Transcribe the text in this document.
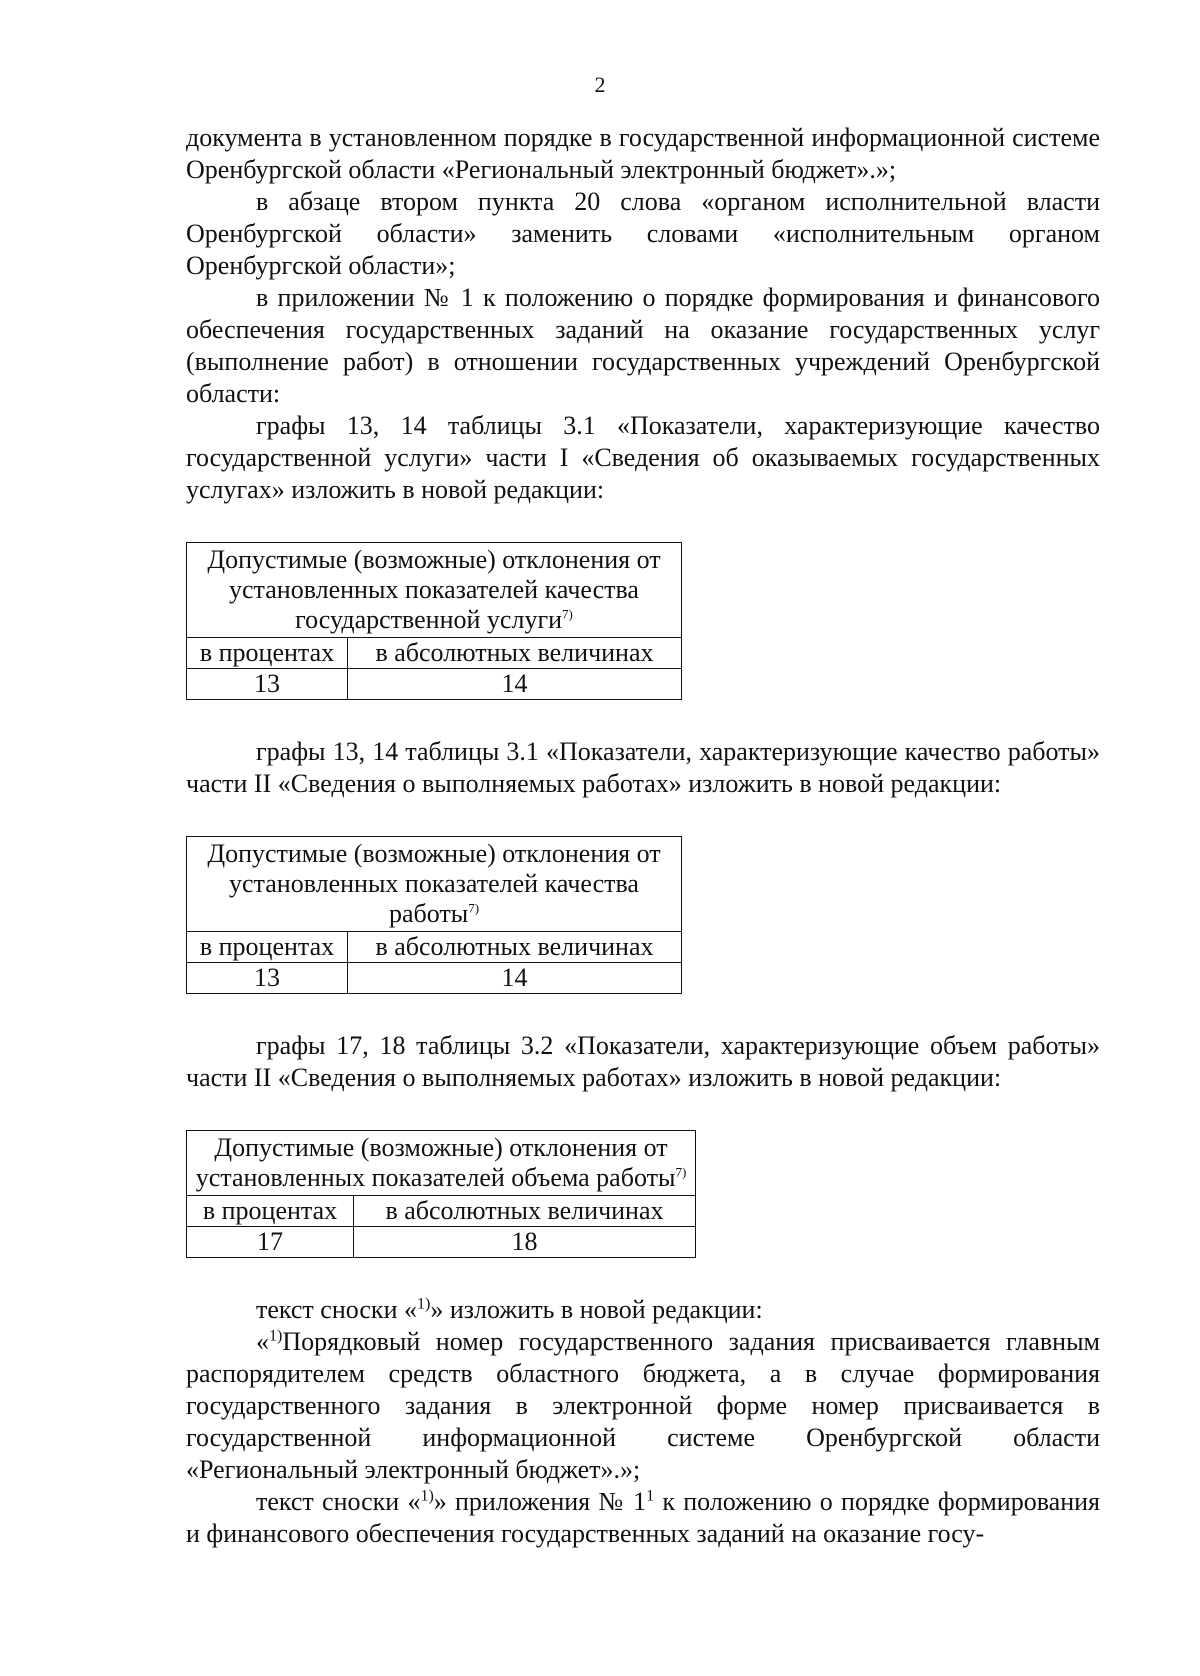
2

документа в установленном порядке в государственной информационной системе Оренбургской области «Региональный электронный бюджет».»;

в абзаце втором пункта 20 слова «органом исполнительной власти Оренбургской области» заменить словами «исполнительным органом Оренбургской области»;

в приложении № 1 к положению о порядке формирования и финансового обеспечения государственных заданий на оказание государственных услуг (выполнение работ) в отношении государственных учреждений Оренбургской области:

графы 13, 14 таблицы 3.1 «Показатели, характеризующие качество государственной услуги» части I «Сведения об оказываемых государственных услугах» изложить в новой редакции:

Допустимые (возможные) отклонения от установленных показателей качества государственной услуги$^{7)}$
в процентах	в абсолютных величинах
13	14

графы 13, 14 таблицы 3.1 «Показатели, характеризующие качество работы» части II «Сведения о выполняемых работах» изложить в новой редакции:

Допустимые (возможные) отклонения от установленных показателей качества работы$^{7)}$
в процентах	в абсолютных величинах
13	14

графы 17, 18 таблицы 3.2 «Показатели, характеризующие объем работы» части II «Сведения о выполняемых работах» изложить в новой редакции:

Допустимые (возможные) отклонения от установленных показателей объема работы$^{7)}$
в процентах	в абсолютных величинах
17	18

текст сноски «$^{1)}$» изложить в новой редакции:

«$^{1)}$Порядковый номер государственного задания присваивается главным распорядителем средств областного бюджета, а в случае формирования государственного задания в электронной форме номер присваивается в государственной информационной системе Оренбургской области «Региональный электронный бюджет».»;

текст сноски «$^{1)}$» приложения № $1^1$ к положению о порядке формирования и финансового обеспечения государственных заданий на оказание госу-
